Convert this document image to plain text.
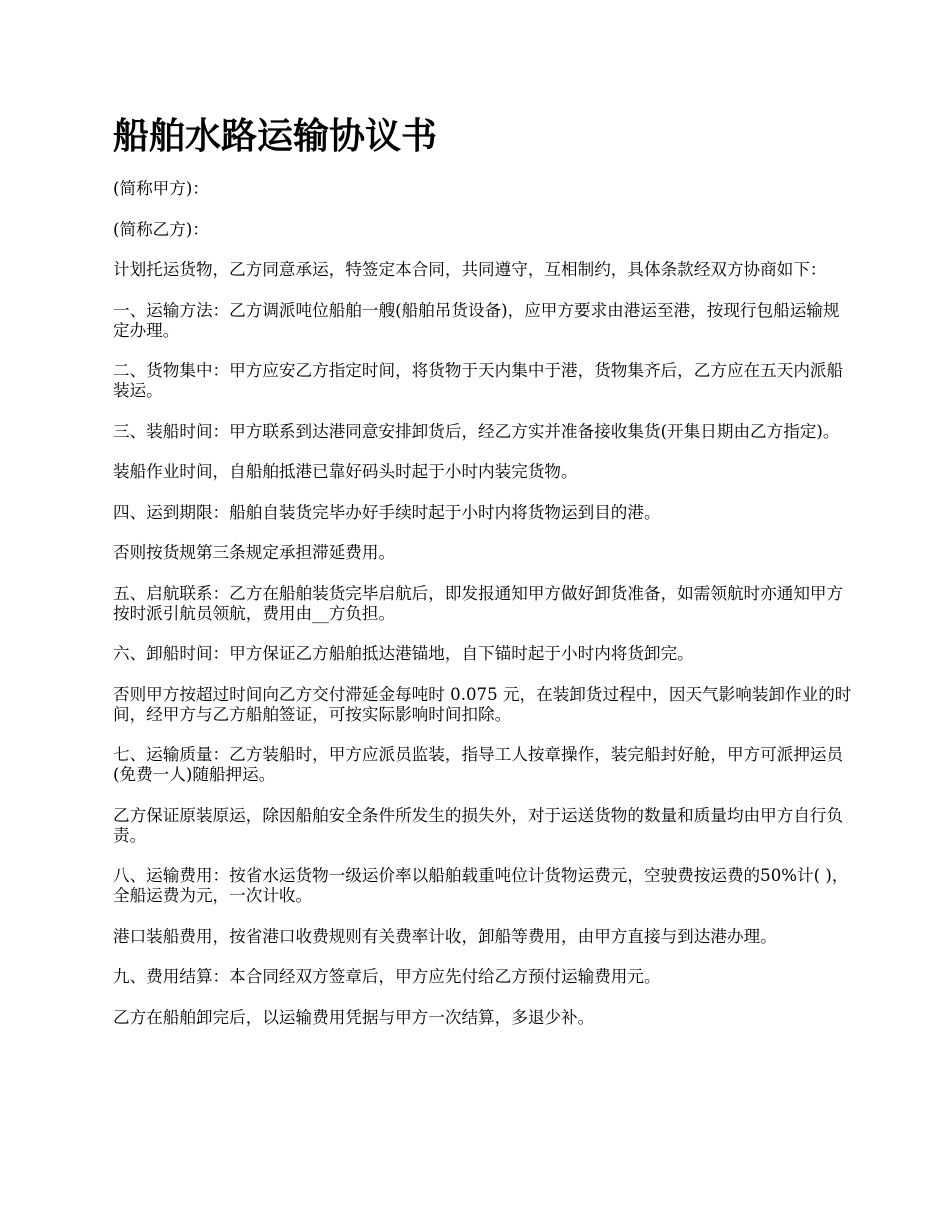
船舶水路运输协议书

(简称甲方)：

(简称乙方)：

计划托运货物，乙方同意承运，特签定本合同，共同遵守，互相制约，具体条款经双方协商如下：

一、运输方法：乙方调派吨位船舶一艘(船舶吊货设备)，应甲方要求由港运至港，按现行包船运输规定办理。

二、货物集中：甲方应安乙方指定时间，将货物于天内集中于港，货物集齐后，乙方应在五天内派船装运。

三、装船时间：甲方联系到达港同意安排卸货后，经乙方实并准备接收集货(开集日期由乙方指定)。

装船作业时间，自船舶抵港已靠好码头时起于小时内装完货物。

四、运到期限：船舶自装货完毕办好手续时起于小时内将货物运到目的港。

否则按货规第三条规定承担滞延费用。

五、启航联系：乙方在船舶装货完毕启航后，即发报通知甲方做好卸货准备，如需领航时亦通知甲方按时派引航员领航，费用由__方负担。

六、卸船时间：甲方保证乙方船舶抵达港锚地，自下锚时起于小时内将货卸完。

否则甲方按超过时间向乙方交付滞延金每吨时 0.075 元，在装卸货过程中，因天气影响装卸作业的时间，经甲方与乙方船舶签证，可按实际影响时间扣除。

七、运输质量：乙方装船时，甲方应派员监装，指导工人按章操作，装完船封好舱，甲方可派押运员(免费一人)随船押运。

乙方保证原装原运，除因船舶安全条件所发生的损失外，对于运送货物的数量和质量均由甲方自行负责。

八、运输费用：按省水运货物一级运价率以船舶载重吨位计货物运费元，空驶费按运费的50%计( )，全船运费为元，一次计收。

港口装船费用，按省港口收费规则有关费率计收，卸船等费用，由甲方直接与到达港办理。

九、费用结算：本合同经双方签章后，甲方应先付给乙方预付运输费用元。

乙方在船舶卸完后，以运输费用凭据与甲方一次结算，多退少补。
